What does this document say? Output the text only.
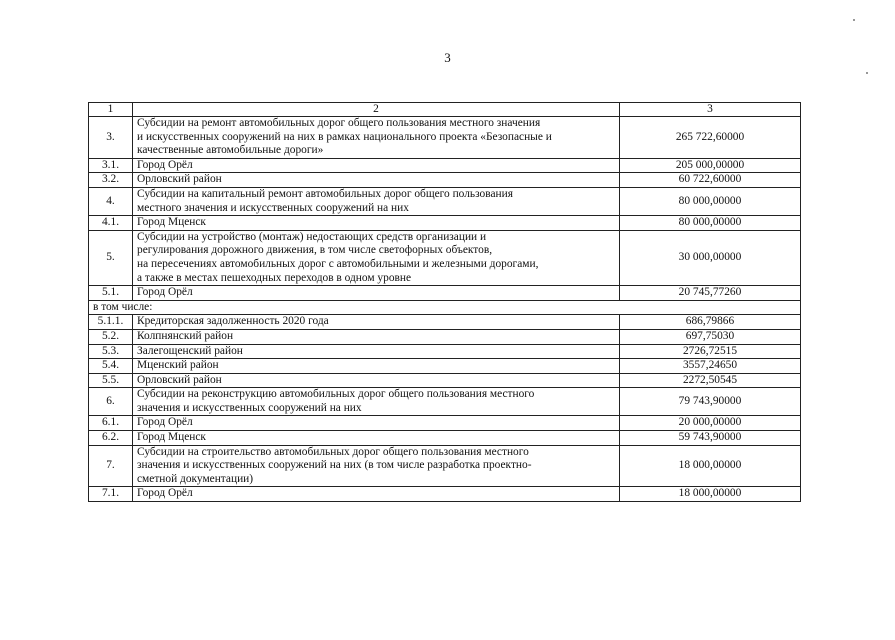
3
1	2	3
3.	Субсидии на ремонт автомобильных дорог общего пользования местного значения
и искусственных сооружений на них в рамках национального проекта «Безопасные и
качественные автомобильные дороги»	265 722,60000
3.1.	Город Орёл	205 000,00000
3.2.	Орловский район	60 722,60000
4.	Субсидии на капитальный ремонт автомобильных дорог общего пользования
местного значения и искусственных сооружений на них	80 000,00000
4.1.	Город Мценск	80 000,00000
5.	Субсидии на устройство (монтаж) недостающих средств организации и
регулирования дорожного движения, в том числе светофорных объектов,
на пересечениях автомобильных дорог с автомобильными и железными дорогами,
а также в местах пешеходных переходов в одном уровне	30 000,00000
5.1.	Город Орёл	20 745,77260
в том числе:		
5.1.1.	Кредиторская задолженность 2020 года	686,79866
5.2.	Колпнянский район	697,75030
5.3.	Залегощенский район	2726,72515
5.4.	Мценский район	3557,24650
5.5.	Орловский район	2272,50545
6.	Субсидии на реконструкцию автомобильных дорог общего пользования местного
значения и искусственных сооружений на них	79 743,90000
6.1.	Город Орёл	20 000,00000
6.2.	Город Мценск	59 743,90000
7.	Субсидии на строительство автомобильных дорог общего пользования местного
значения и искусственных сооружений на них (в том числе разработка проектно-
сметной документации)	18 000,00000
7.1.	Город Орёл	18 000,00000
